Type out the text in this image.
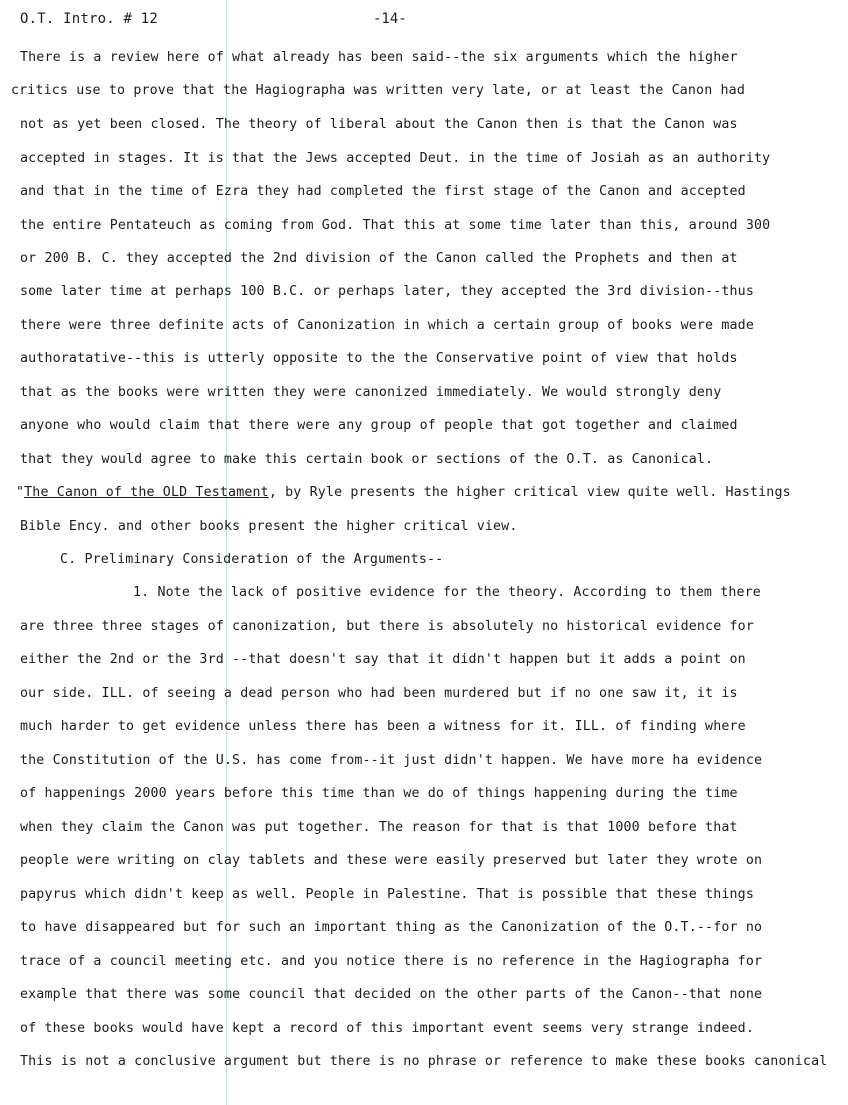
O.T. Intro. # 12	-14-
There is a review here of what already has been said--the six arguments which the higher
critics use to prove that the Hagiographa was written very late, or at least the Canon had
not as yet been closed. The theory of liberal about the Canon then is that the Canon was
accepted in stages. It is that the Jews accepted Deut. in the time of Josiah as an authority
and that in the time of Ezra they had completed the first stage of the Canon and accepted
the entire Pentateuch as coming from God. That this at some time later than this, around 300
or 200 B. C. they accepted the 2nd division of the Canon called the Prophets and then at
some later time at perhaps 100 B.C. or perhaps later, they accepted the 3rd division--thus
there were three definite acts of Canonization in which a certain group of books were made
authoratative--this is utterly opposite to the the Conservative point of view that holds
that as the books were written they were canonized immediately. We would strongly deny
anyone who would claim that there were any group of people that got together and claimed
that they would agree to make this certain book or sections of the O.T. as Canonical.
"The Canon of the OLD Testament, by Ryle presents the higher critical view quite well. Hastings
Bible Ency. and other books present the higher critical view.
C. Preliminary Consideration of the Arguments--
1. Note the lack of positive evidence for the theory. According to them there
are three three stages of canonization, but there is absolutely no historical evidence for
either the 2nd or the 3rd --that doesn't say that it didn't happen but it adds a point on
our side. ILL. of seeing a dead person who had been murdered but if no one saw it, it is
much harder to get evidence unless there has been a witness for it. ILL. of finding where
the Constitution of the U.S. has come from--it just didn't happen. We have more ha evidence
of happenings 2000 years before this time than we do of things happening during the time
when they claim the Canon was put together. The reason for that is that 1000 before that
people were writing on clay tablets and these were easily preserved but later they wrote on
papyrus which didn't keep as well. People in Palestine. That is possible that these things
to have disappeared but for such an important thing as the Canonization of the O.T.--for no
trace of a council meeting etc. and you notice there is no reference in the Hagiographa for
example that there was some council that decided on the other parts of the Canon--that none
of these books would have kept a record of this important event seems very strange indeed.
This is not a conclusive argument but there is no phrase or reference to make these books canonical
